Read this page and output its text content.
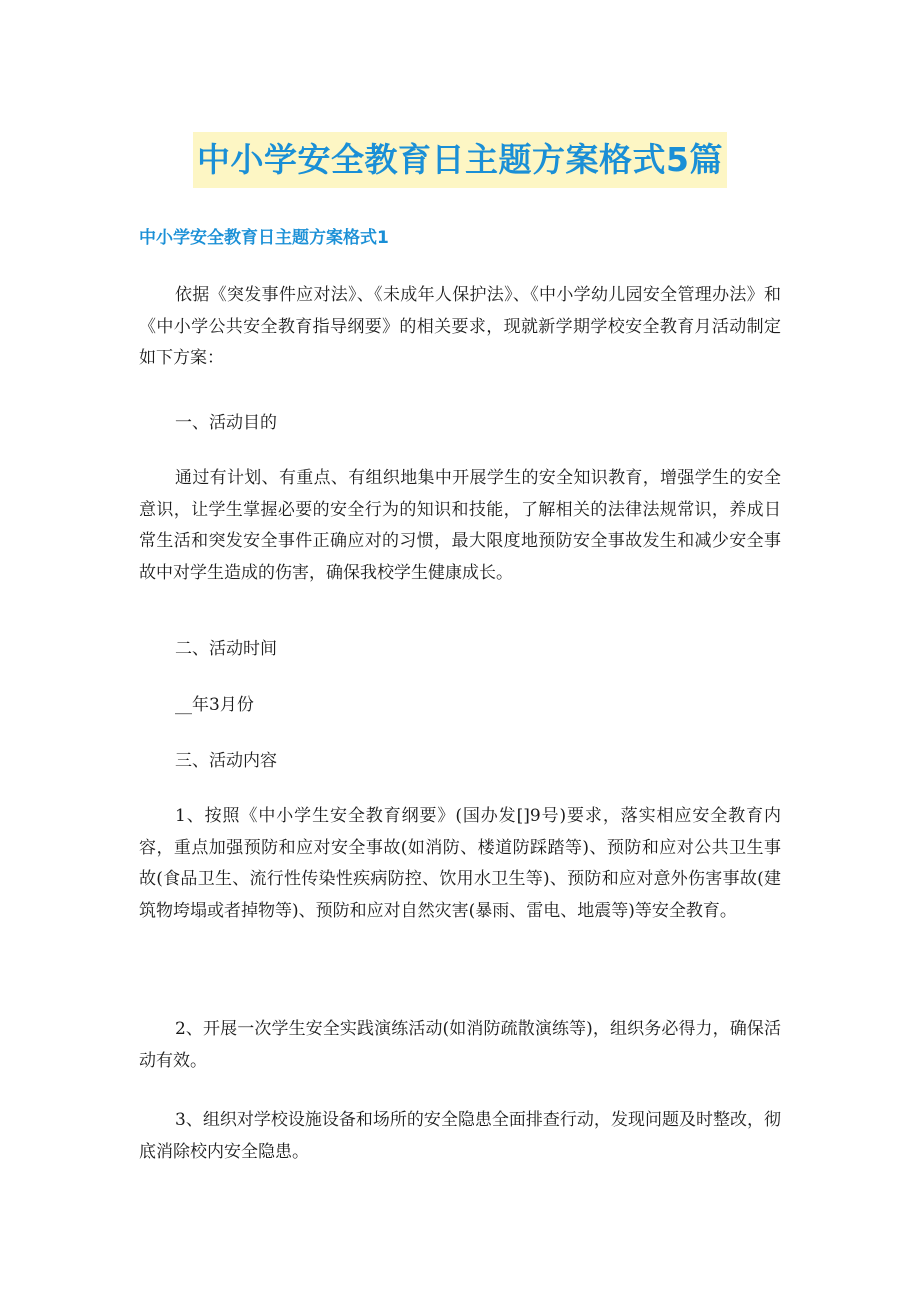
中小学安全教育日主题方案格式5篇
中小学安全教育日主题方案格式1

依据《突发事件应对法》、《未成年人保护法》、《中小学幼儿园安全管理办法》和《中小学公共安全教育指导纲要》的相关要求，现就新学期学校安全教育月活动制定如下方案：

一、活动目的

通过有计划、有重点、有组织地集中开展学生的安全知识教育，增强学生的安全意识，让学生掌握必要的安全行为的知识和技能，了解相关的法律法规常识，养成日常生活和突发安全事件正确应对的习惯，最大限度地预防安全事故发生和减少安全事故中对学生造成的伤害，确保我校学生健康成长。

二、活动时间

__年3月份

三、活动内容

1、按照《中小学生安全教育纲要》(国办发[]9号)要求，落实相应安全教育内容，重点加强预防和应对安全事故(如消防、楼道防踩踏等)、预防和应对公共卫生事故(食品卫生、流行性传染性疾病防控、饮用水卫生等)、预防和应对意外伤害事故(建筑物垮塌或者掉物等)、预防和应对自然灾害(暴雨、雷电、地震等)等安全教育。

2、开展一次学生安全实践演练活动(如消防疏散演练等)，组织务必得力，确保活动有效。

3、组织对学校设施设备和场所的安全隐患全面排查行动，发现问题及时整改，彻底消除校内安全隐患。
